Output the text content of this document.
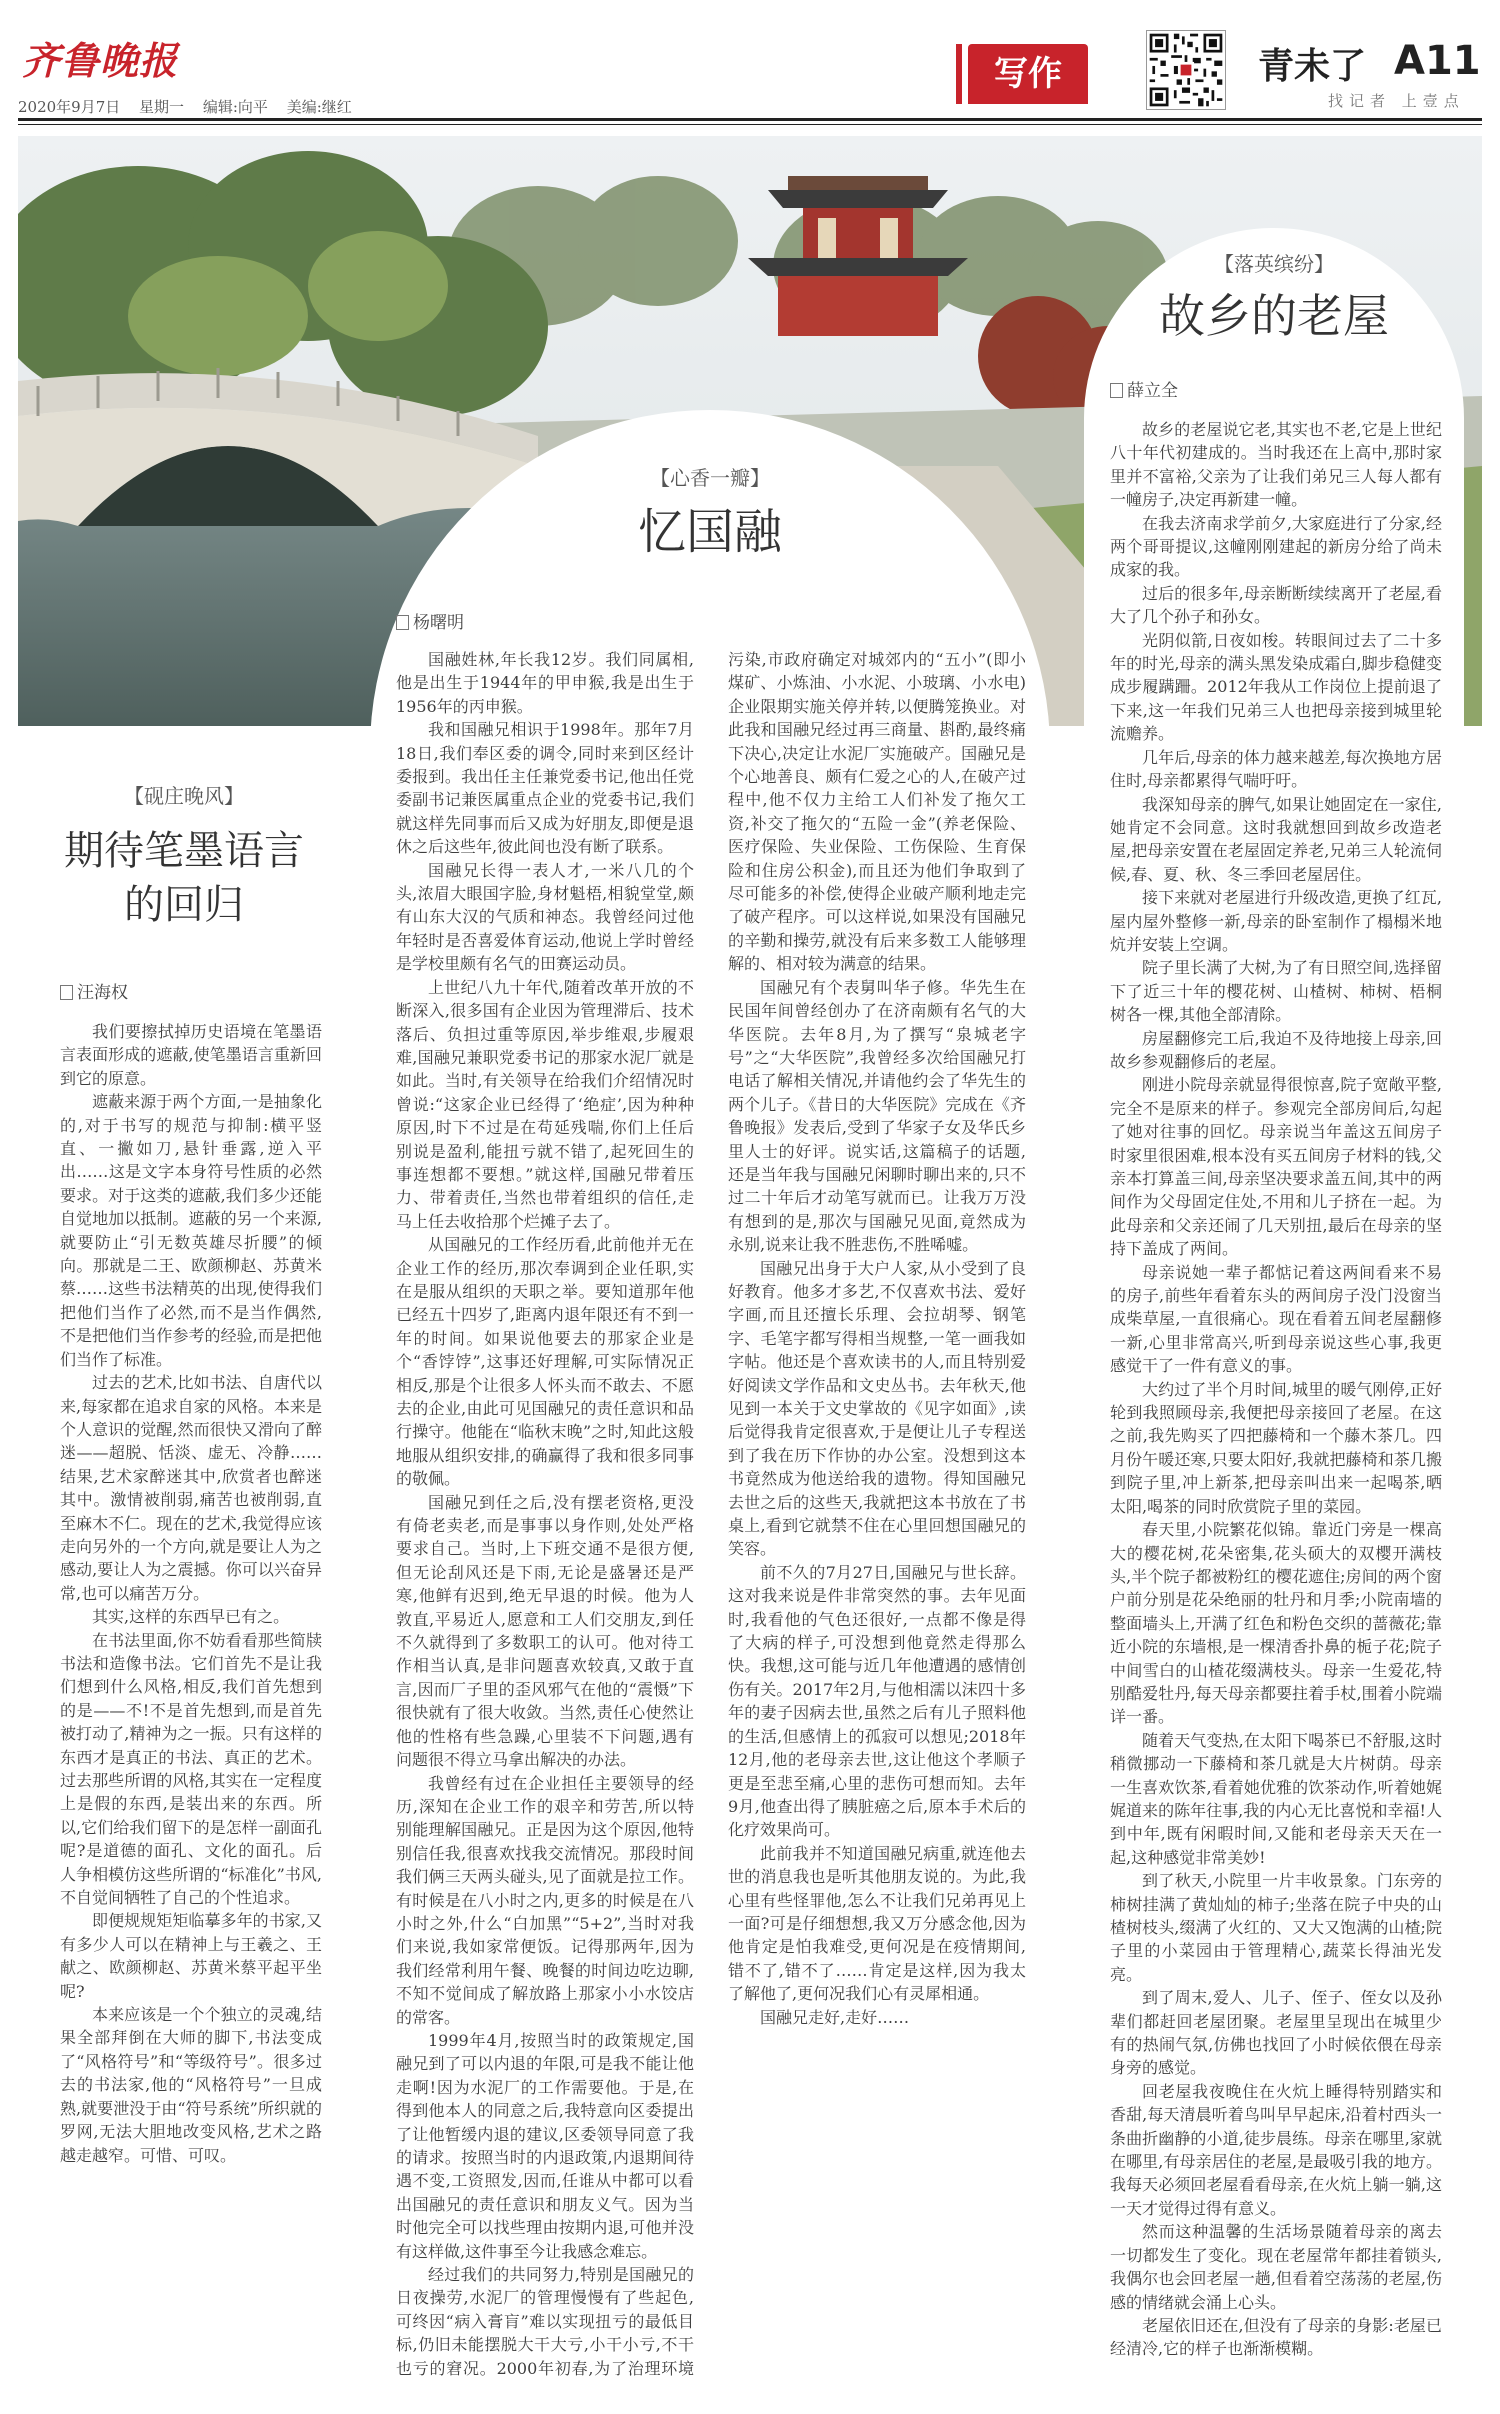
齐鲁晚报
2020年9月7日 星期一 编辑:向平 美编:继红
写作	青未了 A11
找记者 上壹点
【砚庄晚风】
期待笔墨语言
的回归
汪海权

我们要擦拭掉历史语境在笔墨语言表面形成的遮蔽,使笔墨语言重新回到它的原意。

遮蔽来源于两个方面,一是抽象化的,对于书写的规范与抑制:横平竖直、一撇如刀,悬针垂露,逆入平出……这是文字本身符号性质的必然要求。对于这类的遮蔽,我们多少还能自觉地加以抵制。遮蔽的另一个来源,就要防止“引无数英雄尽折腰”的倾向。那就是二王、欧颜柳赵、苏黄米蔡……这些书法精英的出现,使得我们把他们当作了必然,而不是当作偶然,不是把他们当作参考的经验,而是把他们当作了标准。

过去的艺术,比如书法、自唐代以来,每家都在追求自家的风格。本来是个人意识的觉醒,然而很快又滑向了醉迷——超脱、恬淡、虚无、冷静……结果,艺术家醉迷其中,欣赏者也醉迷其中。激情被削弱,痛苦也被削弱,直至麻木不仁。现在的艺术,我觉得应该走向另外的一个方向,就是要让人为之感动,要让人为之震撼。你可以兴奋异常,也可以痛苦万分。

其实,这样的东西早已有之。

在书法里面,你不妨看看那些简牍书法和造像书法。它们首先不是让我们想到什么风格,相反,我们首先想到的是——不!不是首先想到,而是首先被打动了,精神为之一振。只有这样的东西才是真正的书法、真正的艺术。过去那些所谓的风格,其实在一定程度上是假的东西,是装出来的东西。所以,它们给我们留下的是怎样一副面孔呢?是道德的面孔、文化的面孔。后人争相模仿这些所谓的“标准化”书风,不自觉间牺牲了自己的个性追求。

即便规规矩矩临摹多年的书家,又有多少人可以在精神上与王羲之、王献之、欧颜柳赵、苏黄米蔡平起平坐呢?

本来应该是一个个独立的灵魂,结果全部拜倒在大师的脚下,书法变成了“风格符号”和“等级符号”。很多过去的书法家,他的“风格符号”一旦成熟,就要泄没于由“符号系统”所织就的罗网,无法大胆地改变风格,艺术之路越走越窄。可惜、可叹。

【心香一瓣】
忆国融
杨曙明

国融姓林,年长我12岁。我们同属相,他是出生于1944年的甲申猴,我是出生于1956年的丙申猴。

我和国融兄相识于1998年。那年7月18日,我们奉区委的调令,同时来到区经计委报到。我出任主任兼党委书记,他出任党委副书记兼医属重点企业的党委书记,我们就这样先同事而后又成为好朋友,即便是退休之后这些年,彼此间也没有断了联系。

国融兄长得一表人才,一米八几的个头,浓眉大眼国字脸,身材魁梧,相貌堂堂,颇有山东大汉的气质和神态。我曾经问过他年轻时是否喜爱体育运动,他说上学时曾经是学校里颇有名气的田赛运动员。

上世纪八九十年代,随着改革开放的不断深入,很多国有企业因为管理滞后、技术落后、负担过重等原因,举步维艰,步履艰难,国融兄兼职党委书记的那家水泥厂就是如此。当时,有关领导在给我们介绍情况时曾说:“这家企业已经得了‘绝症’,因为种种原因,时下不过是在苟延残喘,你们上任后别说是盈利,能扭亏就不错了,起死回生的事连想都不要想。”就这样,国融兄带着压力、带着责任,当然也带着组织的信任,走马上任去收拾那个烂摊子去了。

从国融兄的工作经历看,此前他并无在企业工作的经历,那次奉调到企业任职,实在是服从组织的天职之举。要知道那年他已经五十四岁了,距离内退年限还有不到一年的时间。如果说他要去的那家企业是个“香饽饽”,这事还好理解,可实际情况正相反,那是个让很多人怀头而不敢去、不愿去的企业,由此可见国融兄的责任意识和品行操守。他能在“临秋末晚”之时,知此这般地服从组织安排,的确赢得了我和很多同事的敬佩。

国融兄到任之后,没有摆老资格,更没有倚老卖老,而是事事以身作则,处处严格要求自己。当时,上下班交通不是很方便,但无论刮风还是下雨,无论是盛暑还是严寒,他鲜有迟到,绝无早退的时候。他为人敦直,平易近人,愿意和工人们交朋友,到任不久就得到了多数职工的认可。他对待工作相当认真,是非问题喜欢较真,又敢于直言,因而厂子里的歪风邪气在他的“震慑”下很快就有了很大收敛。当然,责任心使然让他的性格有些急躁,心里装不下问题,遇有问题很不得立马拿出解决的办法。

我曾经有过在企业担任主要领导的经历,深知在企业工作的艰辛和劳苦,所以特别能理解国融兄。正是因为这个原因,他特别信任我,很喜欢找我交流情况。那段时间我们俩三天两头碰头,见了面就是拉工作。有时候是在八小时之内,更多的时候是在八小时之外,什么“白加黑”“5+2”,当时对我们来说,我如家常便饭。记得那两年,因为我们经常利用午餐、晚餐的时间边吃边聊,不知不觉间成了解放路上那家小小水饺店的常客。

1999年4月,按照当时的政策规定,国融兄到了可以内退的年限,可是我不能让他走啊!因为水泥厂的工作需要他。于是,在得到他本人的同意之后,我特意向区委提出了让他暂缓内退的建议,区委领导同意了我的请求。按照当时的内退政策,内退期间待遇不变,工资照发,因而,任谁从中都可以看出国融兄的责任意识和朋友义气。因为当时他完全可以找些理由按期内退,可他并没有这样做,这件事至今让我感念难忘。

经过我们的共同努力,特别是国融兄的日夜操劳,水泥厂的管理慢慢有了些起色,可终因“病入膏肓”难以实现扭亏的最低目标,仍旧未能摆脱大干大亏,小干小亏,不干也亏的窘况。2000年初春,为了治理环境污染,市政府确定对城郊内的“五小”(即小煤矿、小炼油、小水泥、小玻璃、小水电)企业限期实施关停并转,以便腾笼换业。对此我和国融兄经过再三商量、斟酌,最终痛下决心,决定让水泥厂实施破产。国融兄是个心地善良、颇有仁爱之心的人,在破产过程中,他不仅力主给工人们补发了拖欠工资,补交了拖欠的“五险一金”(养老保险、医疗保险、失业保险、工伤保险、生育保险和住房公积金),而且还为他们争取到了尽可能多的补偿,使得企业破产顺利地走完了破产程序。可以这样说,如果没有国融兄的辛勤和操劳,就没有后来多数工人能够理解的、相对较为满意的结果。

国融兄有个表舅叫华子修。华先生在民国年间曾经创办了在济南颇有名气的大华医院。去年8月,为了撰写“泉城老字号”之“大华医院”,我曾经多次给国融兄打电话了解相关情况,并请他约会了华先生的两个儿子。《昔日的大华医院》完成在《齐鲁晚报》发表后,受到了华家子女及华氏乡里人士的好评。说实话,这篇稿子的话题,还是当年我与国融兄闲聊时聊出来的,只不过二十年后才动笔写就而已。让我万万没有想到的是,那次与国融兄见面,竟然成为永别,说来让我不胜悲伤,不胜唏嘘。

国融兄出身于大户人家,从小受到了良好教育。他多才多艺,不仅喜欢书法、爱好字画,而且还擅长乐理、会拉胡琴、钢笔字、毛笔字都写得相当规整,一笔一画我如字帖。他还是个喜欢读书的人,而且特别爱好阅读文学作品和文史丛书。去年秋天,他见到一本关于文史掌故的《见字如面》,读后觉得我肯定很喜欢,于是便让儿子专程送到了我在历下作协的办公室。没想到这本书竟然成为他送给我的遗物。得知国融兄去世之后的这些天,我就把这本书放在了书桌上,看到它就禁不住在心里回想国融兄的笑容。

前不久的7月27日,国融兄与世长辞。这对我来说是件非常突然的事。去年见面时,我看他的气色还很好,一点都不像是得了大病的样子,可没想到他竟然走得那么快。我想,这可能与近几年他遭遇的感情创伤有关。2017年2月,与他相濡以沫四十多年的妻子因病去世,虽然之后有儿子照料他的生活,但感情上的孤寂可以想见;2018年12月,他的老母亲去世,这让他这个孝顺子更是至悲至痛,心里的悲伤可想而知。去年9月,他查出得了胰脏癌之后,原本手术后的化疗效果尚可。

此前我并不知道国融兄病重,就连他去世的消息我也是听其他朋友说的。为此,我心里有些怪罪他,怎么不让我们兄弟再见上一面?可是仔细想想,我又万分感念他,因为他肯定是怕我难受,更何况是在疫情期间,错不了,错不了……肯定是这样,因为我太了解他了,更何况我们心有灵犀相通。

国融兄走好,走好……

【落英缤纷】
故乡的老屋
薛立全

故乡的老屋说它老,其实也不老,它是上世纪八十年代初建成的。当时我还在上高中,那时家里并不富裕,父亲为了让我们弟兄三人每人都有一幢房子,决定再新建一幢。

在我去济南求学前夕,大家庭进行了分家,经两个哥哥提议,这幢刚刚建起的新房分给了尚未成家的我。

过后的很多年,母亲断断续续离开了老屋,看大了几个孙子和孙女。

光阴似箭,日夜如梭。转眼间过去了二十多年的时光,母亲的满头黑发染成霜白,脚步稳健变成步履蹒跚。2012年我从工作岗位上提前退了下来,这一年我们兄弟三人也把母亲接到城里轮流赡养。

几年后,母亲的体力越来越差,每次换地方居住时,母亲都累得气喘吁吁。

我深知母亲的脾气,如果让她固定在一家住,她肯定不会同意。这时我就想回到故乡改造老屋,把母亲安置在老屋固定养老,兄弟三人轮流伺候,春、夏、秋、冬三季回老屋居住。

接下来就对老屋进行升级改造,更换了红瓦,屋内屋外整修一新,母亲的卧室制作了榻榻米地炕并安装上空调。

院子里长满了大树,为了有日照空间,选择留下了近三十年的樱花树、山楂树、柿树、梧桐树各一棵,其他全部清除。

房屋翻修完工后,我迫不及待地接上母亲,回故乡参观翻修后的老屋。

刚进小院母亲就显得很惊喜,院子宽敞平整,完全不是原来的样子。参观完全部房间后,勾起了她对往事的回忆。母亲说当年盖这五间房子时家里很困难,根本没有买五间房子材料的钱,父亲本打算盖三间,母亲坚决要求盖五间,其中的两间作为父母固定住处,不用和儿子挤在一起。为此母亲和父亲还闹了几天别扭,最后在母亲的坚持下盖成了两间。

母亲说她一辈子都惦记着这两间看来不易的房子,前些年看着东头的两间房子没门没窗当成柴草屋,一直很痛心。现在看着五间老屋翻修一新,心里非常高兴,听到母亲说这些心事,我更感觉干了一件有意义的事。

大约过了半个月时间,城里的暖气刚停,正好轮到我照顾母亲,我便把母亲接回了老屋。在这之前,我先购买了四把藤椅和一个藤木茶几。四月份午暖还寒,只要太阳好,我就把藤椅和茶几搬到院子里,冲上新茶,把母亲叫出来一起喝茶,晒太阳,喝茶的同时欣赏院子里的菜园。

春天里,小院繁花似锦。靠近门旁是一棵高大的樱花树,花朵密集,花头硕大的双樱开满枝头,半个院子都被粉红的樱花遮住;房间的两个窗户前分别是花朵绝丽的牡丹和月季;小院南墙的整面墙头上,开满了红色和粉色交织的蔷薇花;靠近小院的东墙根,是一棵清香扑鼻的栀子花;院子中间雪白的山楂花缀满枝头。母亲一生爱花,特别酷爱牡丹,每天母亲都要拄着手杖,围着小院端详一番。

随着天气变热,在太阳下喝茶已不舒服,这时稍微挪动一下藤椅和茶几就是大片树荫。母亲一生喜欢饮茶,看着她优雅的饮茶动作,听着她娓娓道来的陈年往事,我的内心无比喜悦和幸福!人到中年,既有闲暇时间,又能和老母亲天天在一起,这种感觉非常美妙!

到了秋天,小院里一片丰收景象。门东旁的柿树挂满了黄灿灿的柿子;坐落在院子中央的山楂树枝头,缀满了火红的、又大又饱满的山楂;院子里的小菜园由于管理精心,蔬菜长得油光发亮。

到了周末,爱人、儿子、侄子、侄女以及孙辈们都赶回老屋团聚。老屋里呈现出在城里少有的热闹气氛,仿佛也找回了小时候依偎在母亲身旁的感觉。

回老屋我夜晚住在火炕上睡得特别踏实和香甜,每天清晨听着鸟叫早早起床,沿着村西头一条曲折幽静的小道,徒步晨练。母亲在哪里,家就在哪里,有母亲居住的老屋,是最吸引我的地方。我每天必须回老屋看看母亲,在火炕上躺一躺,这一天才觉得过得有意义。

然而这种温馨的生活场景随着母亲的离去一切都发生了变化。现在老屋常年都挂着锁头,我偶尔也会回老屋一趟,但看着空荡荡的老屋,伤感的情绪就会涌上心头。

老屋依旧还在,但没有了母亲的身影:老屋已经清冷,它的样子也渐渐模糊。
